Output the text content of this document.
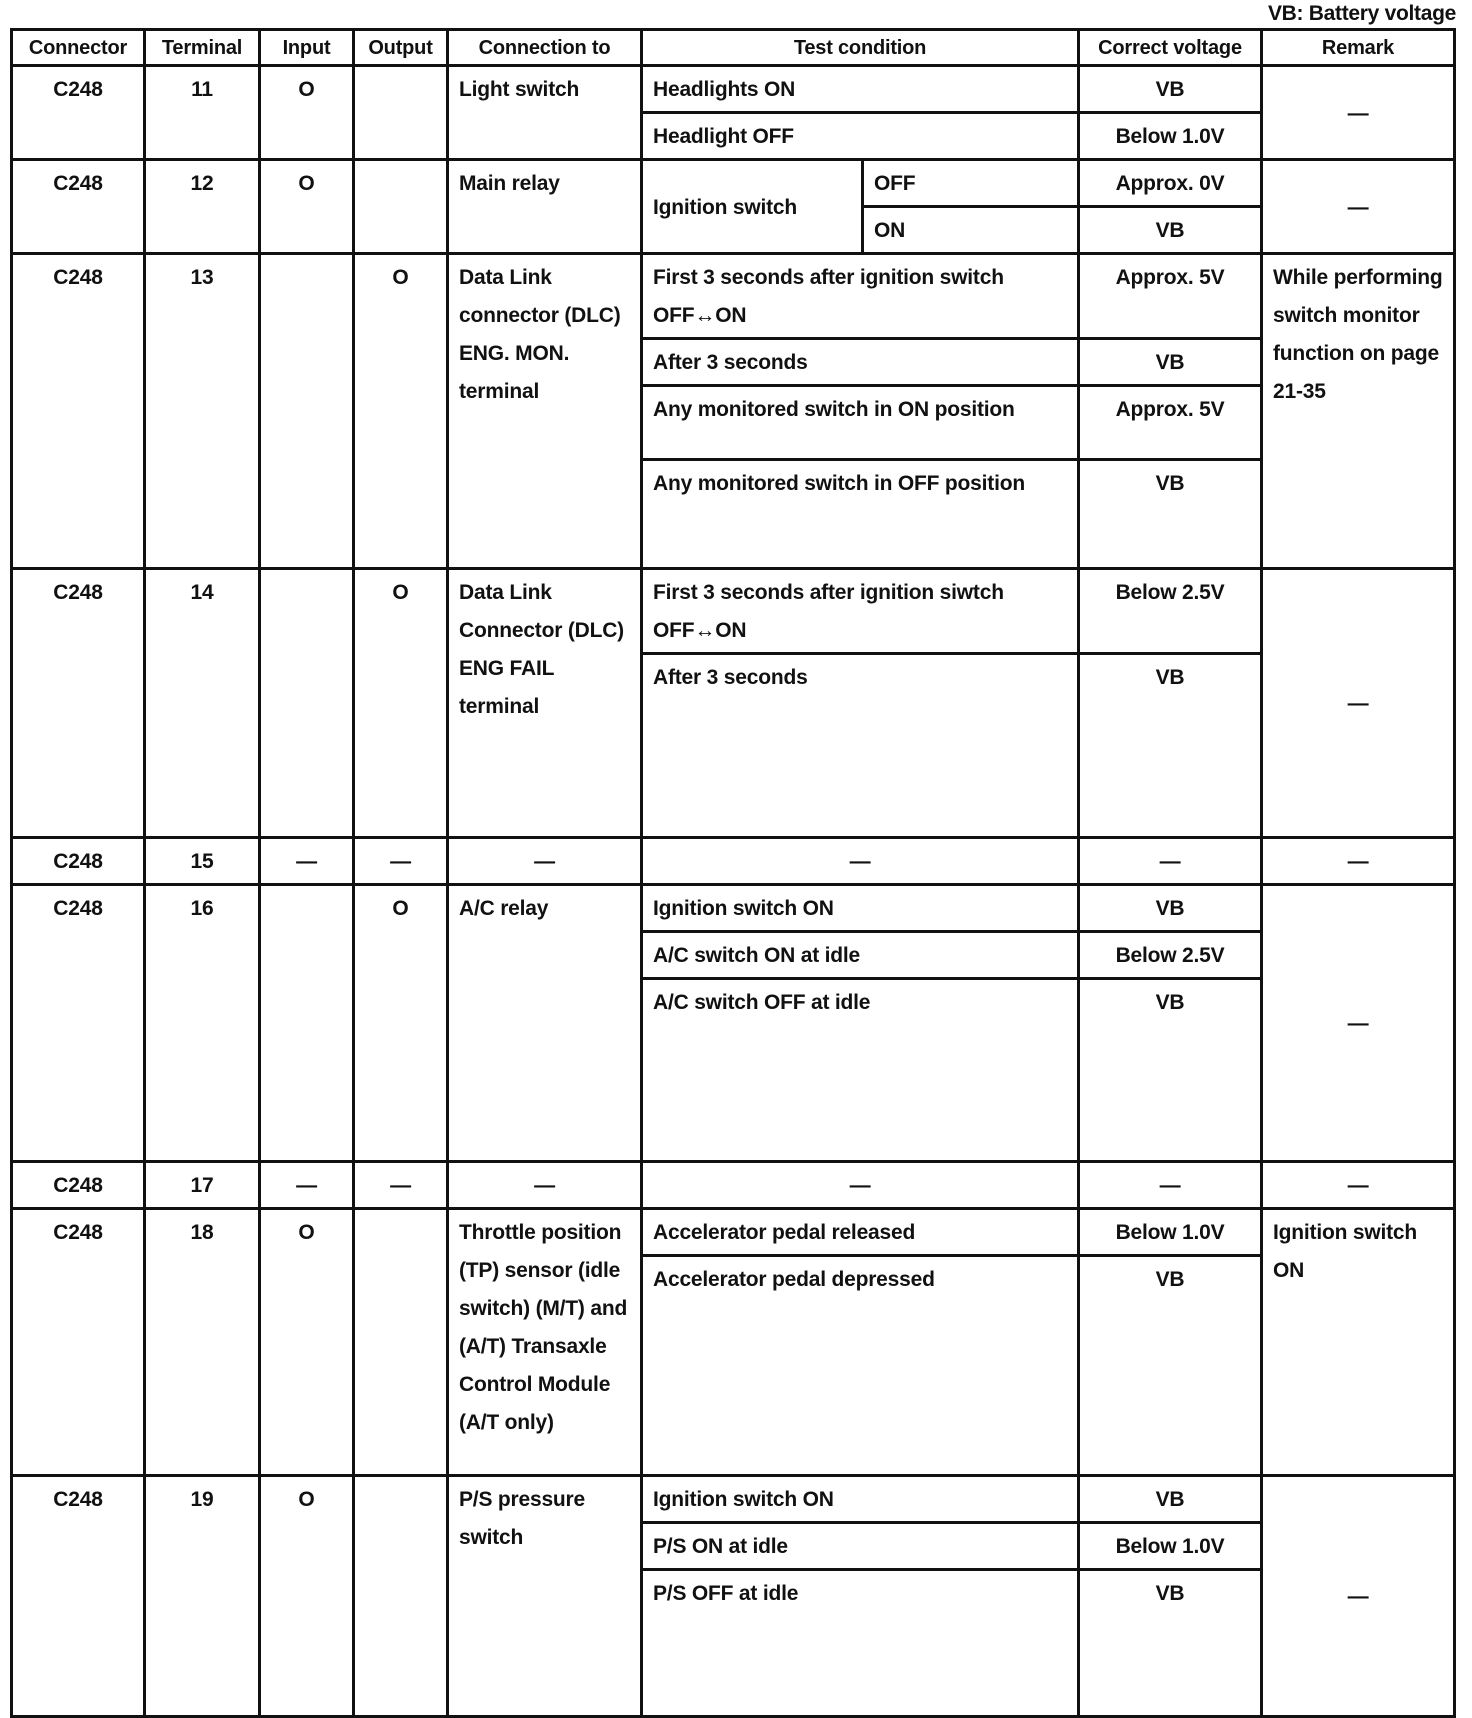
VB: Battery voltage
Connector	Terminal	Input	Output	Connection to	Test condition		Correct voltage	Remark
C248	11	O		Light switch	Headlights ON		VB	—
					Headlight OFF		Below 1.0V	
C248	12	O		Main relay	Ignition switch	OFF	Approx. 0V	—
						ON	VB	
C248	13		O	Data Link connector (DLC) ENG. MON. terminal	First 3 seconds after ignition switch OFF↔ON		Approx. 5V	While performing switch monitor function on page 21-35
					After 3 seconds		VB	
					Any monitored switch in ON position		Approx. 5V	
					Any monitored switch in OFF position		VB	
C248	14		O	Data Link Connector (DLC) ENG FAIL terminal	First 3 seconds after ignition siwtch OFF↔ON		Below 2.5V	—
					After 3 seconds		VB	
C248	15	—	—	—	—		—	—
C248	16		O	A/C relay	Ignition switch ON		VB	—
					A/C switch ON at idle		Below 2.5V	
					A/C switch OFF at idle		VB	
C248	17	—	—	—	—		—	—
C248	18	O		Throttle position (TP) sensor (idle switch) (M/T) and (A/T) Transaxle Control Module (A/T only)	Accelerator pedal released		Below 1.0V	Ignition switch ON
					Accelerator pedal depressed		VB	
C248	19	O		P/S pressure switch	Ignition switch ON		VB	—
					P/S ON at idle		Below 1.0V	
					P/S OFF at idle		VB	
